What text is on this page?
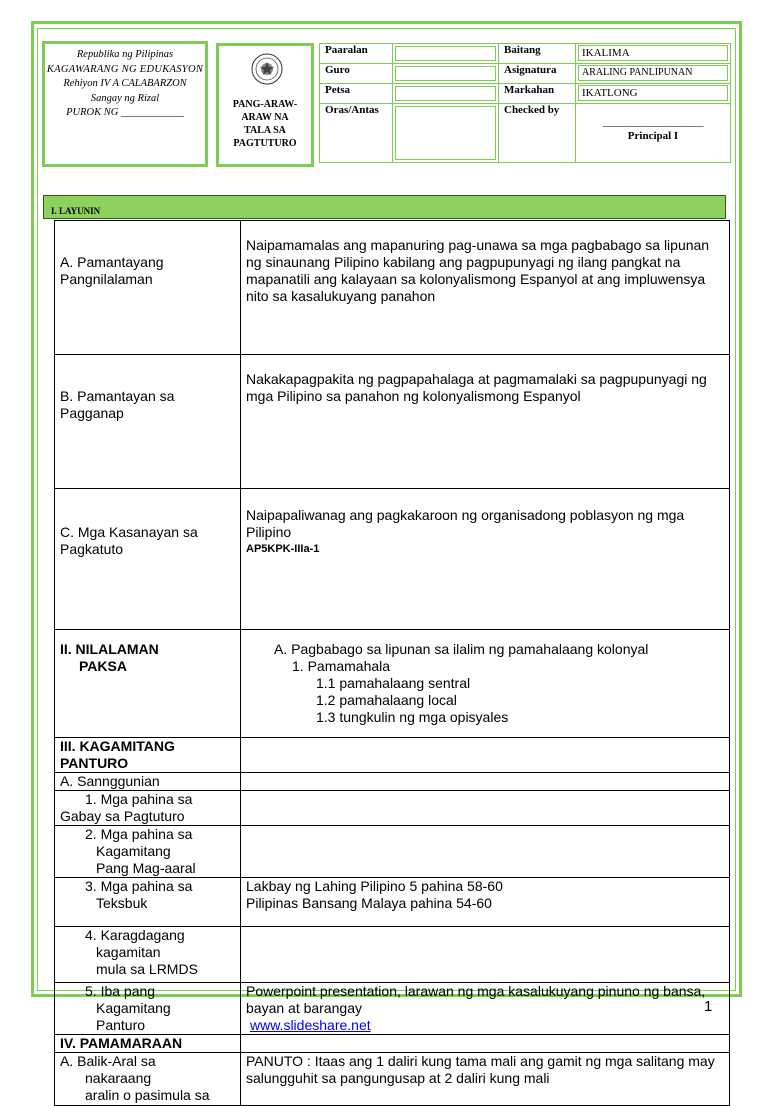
Republika ng Pilipinas
KAGAWARANG NG EDUKASYON
Rehiyon IV A CALABARZON
Sangay ng Rizal
PUROK NG ____________
PANG-ARAW-
ARAW NA
TALA SA
PAGTUTURO
Paaralan		Baitang	IKALIMA

Guro		Asignatura	ARALING PANLIPUNAN

Petsa		Markahan	IKATLONG

Oras/Antas		Checked by	____________________
Principal I
I. LAYUNIN
A. Pamantayang Pangnilalaman	Naipamamalas ang mapanuring pag-unawa sa mga pagbabago sa lipunan ng sinaunang Pilipino kabilang ang pagpupunyagi ng ilang pangkat na mapanatili ang kalayaan sa kolonyalismong Espanyol at ang impluwensya nito sa kasalukuyang panahon
B. Pamantayan sa Pagganap	Nakakapagpakita ng pagpapahalaga at pagmamalaki sa pagpupunyagi ng mga Pilipino sa panahon ng kolonyalismong Espanyol
C. Mga Kasanayan sa Pagkatuto	Naipapaliwanag ang pagkakaroon ng organisadong poblasyon ng mga Pilipino
AP5KPK-IIIa-1

II. NILALAMAN
PAKSA	A. Pagbabago sa lipunan sa ilalim ng pamahalaang kolonyal
1. Pamamahala
1.1 pamahalaang sentral
1.2 pamahalaang local
1.3 tungkulin ng mga opisyales

III. KAGAMITANG PANTURO	
A. Sannggunian	

1. Mga pahina sa
Gabay sa Pagtuturo	

2. Mga pahina sa
Kagamitang
Pang Mag-aaral	

3. Mga pahina sa
Teksbuk	Lakbay ng Lahing Pilipino 5 pahina 58-60
Pilipinas Bansang Malaya pahina 54-60

4. Karagdagang
kagamitan
mula sa LRMDS	

5. Iba pang
Kagamitang
Panturo	Powerpoint presentation, larawan ng mga kasalukuyang pinuno ng bansa, bayan at barangay
www.slideshare.net

IV. PAMAMARAAN	

A. Balik-Aral sa
nakaraang
aralin o pasimula sa	PANUTO : Itaas ang 1 daliri kung tama mali ang gamit ng mga salitang may salungguhit sa pangungusap at 2 daliri kung mali
1
